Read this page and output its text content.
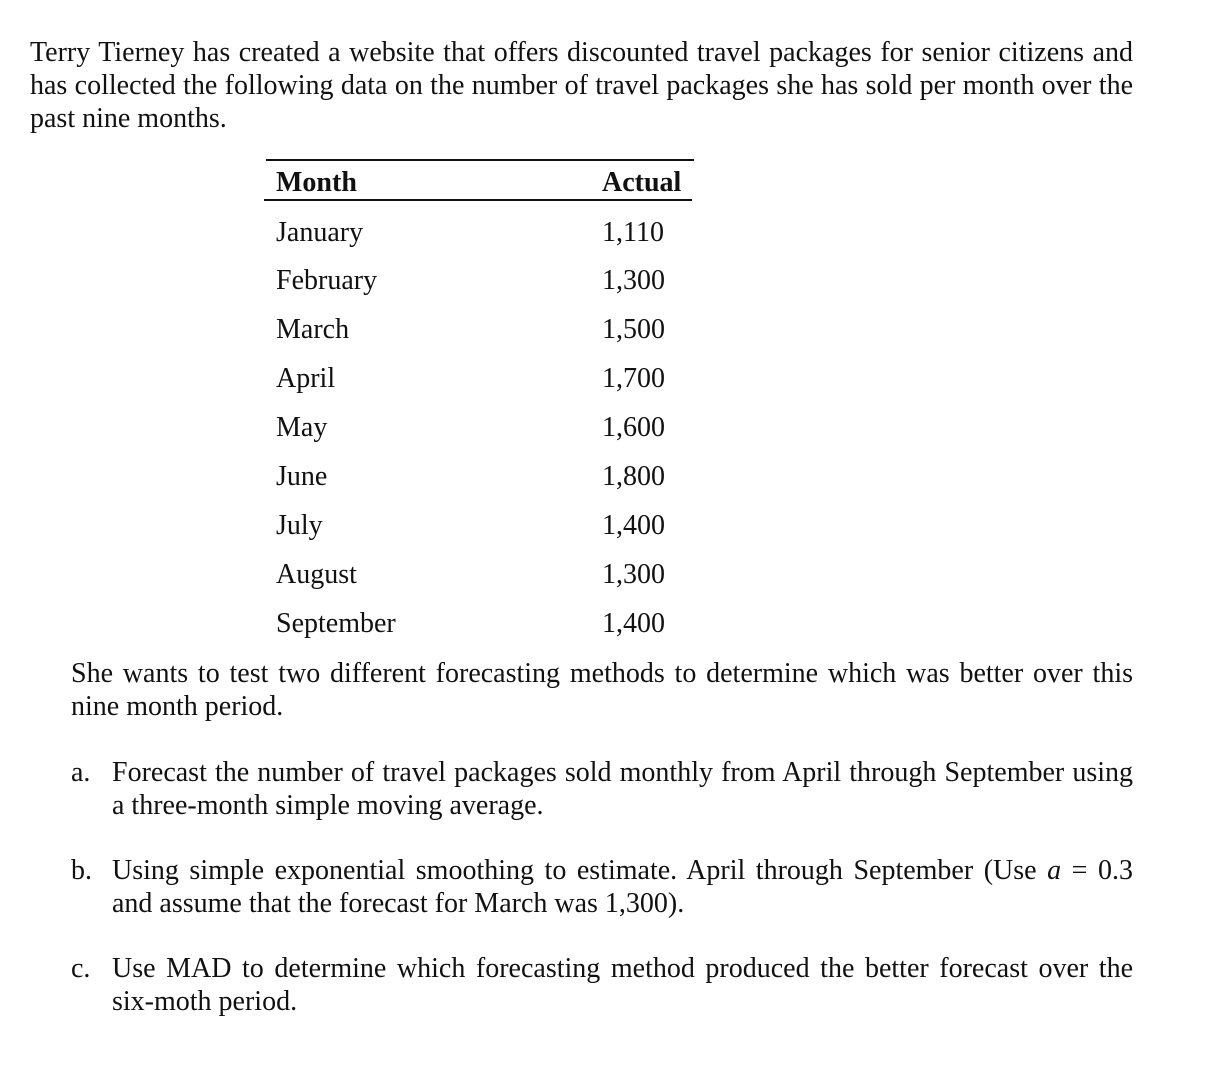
Terry Tierney has created a website that offers discounted travel packages for senior citizens and has collected the following data on the number of travel packages she has sold per month over the past nine months.

Month	Actual
January	1,110
February	1,300
March	1,500
April	1,700
May	1,600
June	1,800
July	1,400
August	1,300
September	1,400

She wants to test two different forecasting methods to determine which was better over this nine month period.

a. Forecast the number of travel packages sold monthly from April through September using a three-month simple moving average.
b. Using simple exponential smoothing to estimate. April through September (Use a = 0.3 and assume that the forecast for March was 1,300).
c. Use MAD to determine which forecasting method produced the better forecast over the six-moth period.
